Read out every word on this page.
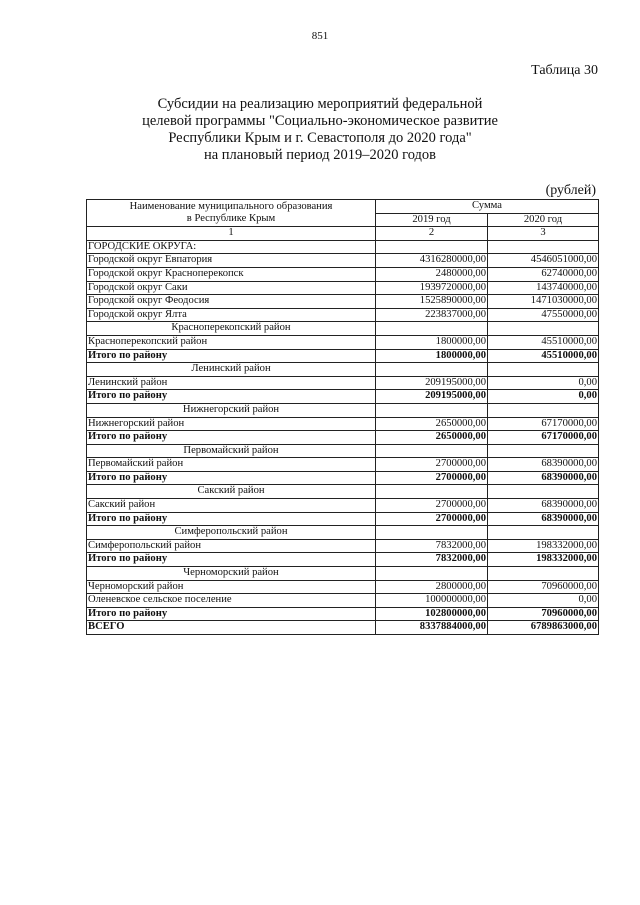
851
Таблица 30
Субсидии на реализацию мероприятий федеральной
целевой программы "Социально-экономическое развитие
Республики Крым и г. Севастополя до 2020 года"
на плановый период 2019–2020 годов
(рублей)
Наименование муниципального образования
в Республике Крым	Сумма	
	2019 год	2020 год
1	2	3
ГОРОДСКИЕ ОКРУГА:		
Городской округ Евпатория	4316280000,00	4546051000,00
Городской округ Красноперекопск	2480000,00	62740000,00
Городской округ Саки	1939720000,00	143740000,00
Городской округ Феодосия	1525890000,00	1471030000,00
Городской округ Ялта	223837000,00	47550000,00
Красноперекопский район		
Красноперекопский район	1800000,00	45510000,00
Итого по району	1800000,00	45510000,00
Ленинский район		
Ленинский район	209195000,00	0,00
Итого по району	209195000,00	0,00
Нижнегорский район		
Нижнегорский район	2650000,00	67170000,00
Итого по району	2650000,00	67170000,00
Первомайский район		
Первомайский район	2700000,00	68390000,00
Итого по району	2700000,00	68390000,00
Сакский район		
Сакский район	2700000,00	68390000,00
Итого по району	2700000,00	68390000,00
Симферопольский район		
Симферопольский район	7832000,00	198332000,00
Итого по району	7832000,00	198332000,00
Черноморский район		
Черноморский район	2800000,00	70960000,00
Оленевское сельское поселение	100000000,00	0,00
Итого по району	102800000,00	70960000,00
ВСЕГО	8337884000,00	6789863000,00
